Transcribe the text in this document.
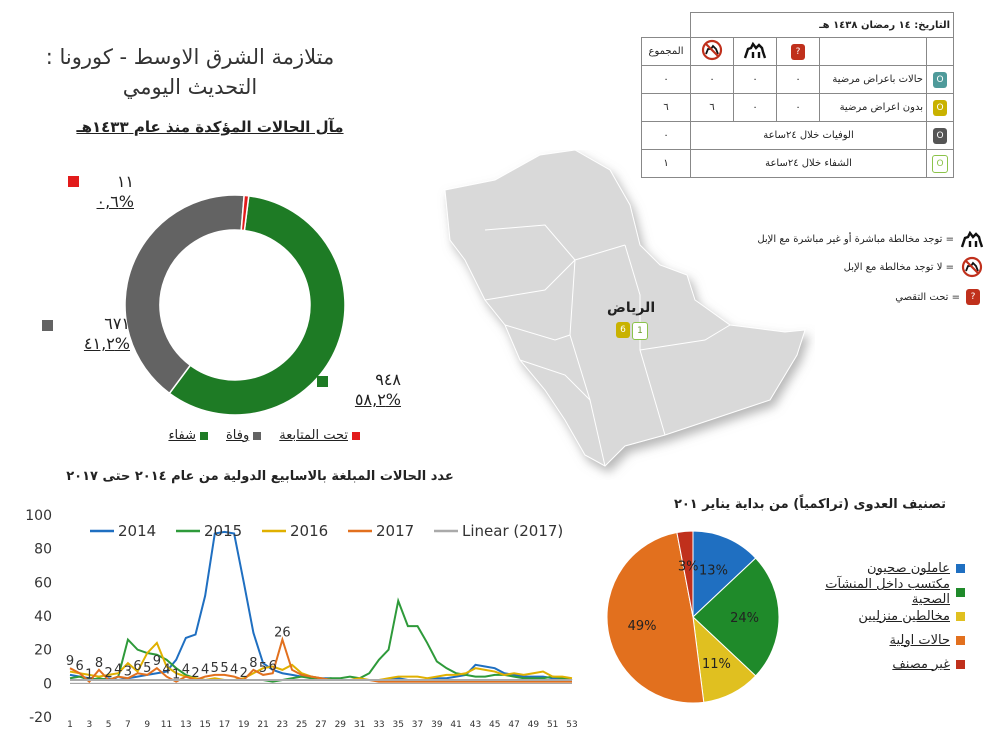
متلازمة الشرق الاوسط - كورونا :
التحديث اليومي
مآل الحالات المؤكدة منذ عام ١٤٣٣هـ
١١
%٠,٦
٦٧١
%٤١,٢
٩٤٨
%٥٨,٢
تحت المتابعة
وفاة
شفاء
التاريخ: ١٤ رمضان ١٤٣٨ هـ					
		?			المجموع
O	حالات باعراض مرضية	٠	٠	٠	٠
O	بدون اعراض مرضية	٠	٠	٦	٦
O	الوفيات خلال ٢٤ساعة				٠
O	الشفاء خلال ٢٤ساعة				١
= توجد مخالطة مباشرة أو غير مباشرة مع الإبل
= لا توجد مخالطة مع الإبل
?
= تحت التقصي
الرياض
6	1
عدد الحالات المبلغة بالاسابيع الدولية من عام ٢٠١٤ حتى ٢٠١٧
-20
0
20
40
60
80
100
1 3 5 7 9 11 13 15 17 19 21 23 25 27 29 31 33 35 37 39 41 43 45 47 49 51 53
9 6
1
8
2 4 3 6 5 9
4 1 4 2 4 5 5 4 2
8 5 6
26
2014	2015	2016	2017	Linear (2017)
تصنيف العدوى (تراكمياً) من بداية يناير ٢٠١
13%
24%
11%
49%
3%	عاملون صحيون
مكتسب داخل المنشآت الصحية
مخالطين منزليين
حالات اولية
غير مصنف
